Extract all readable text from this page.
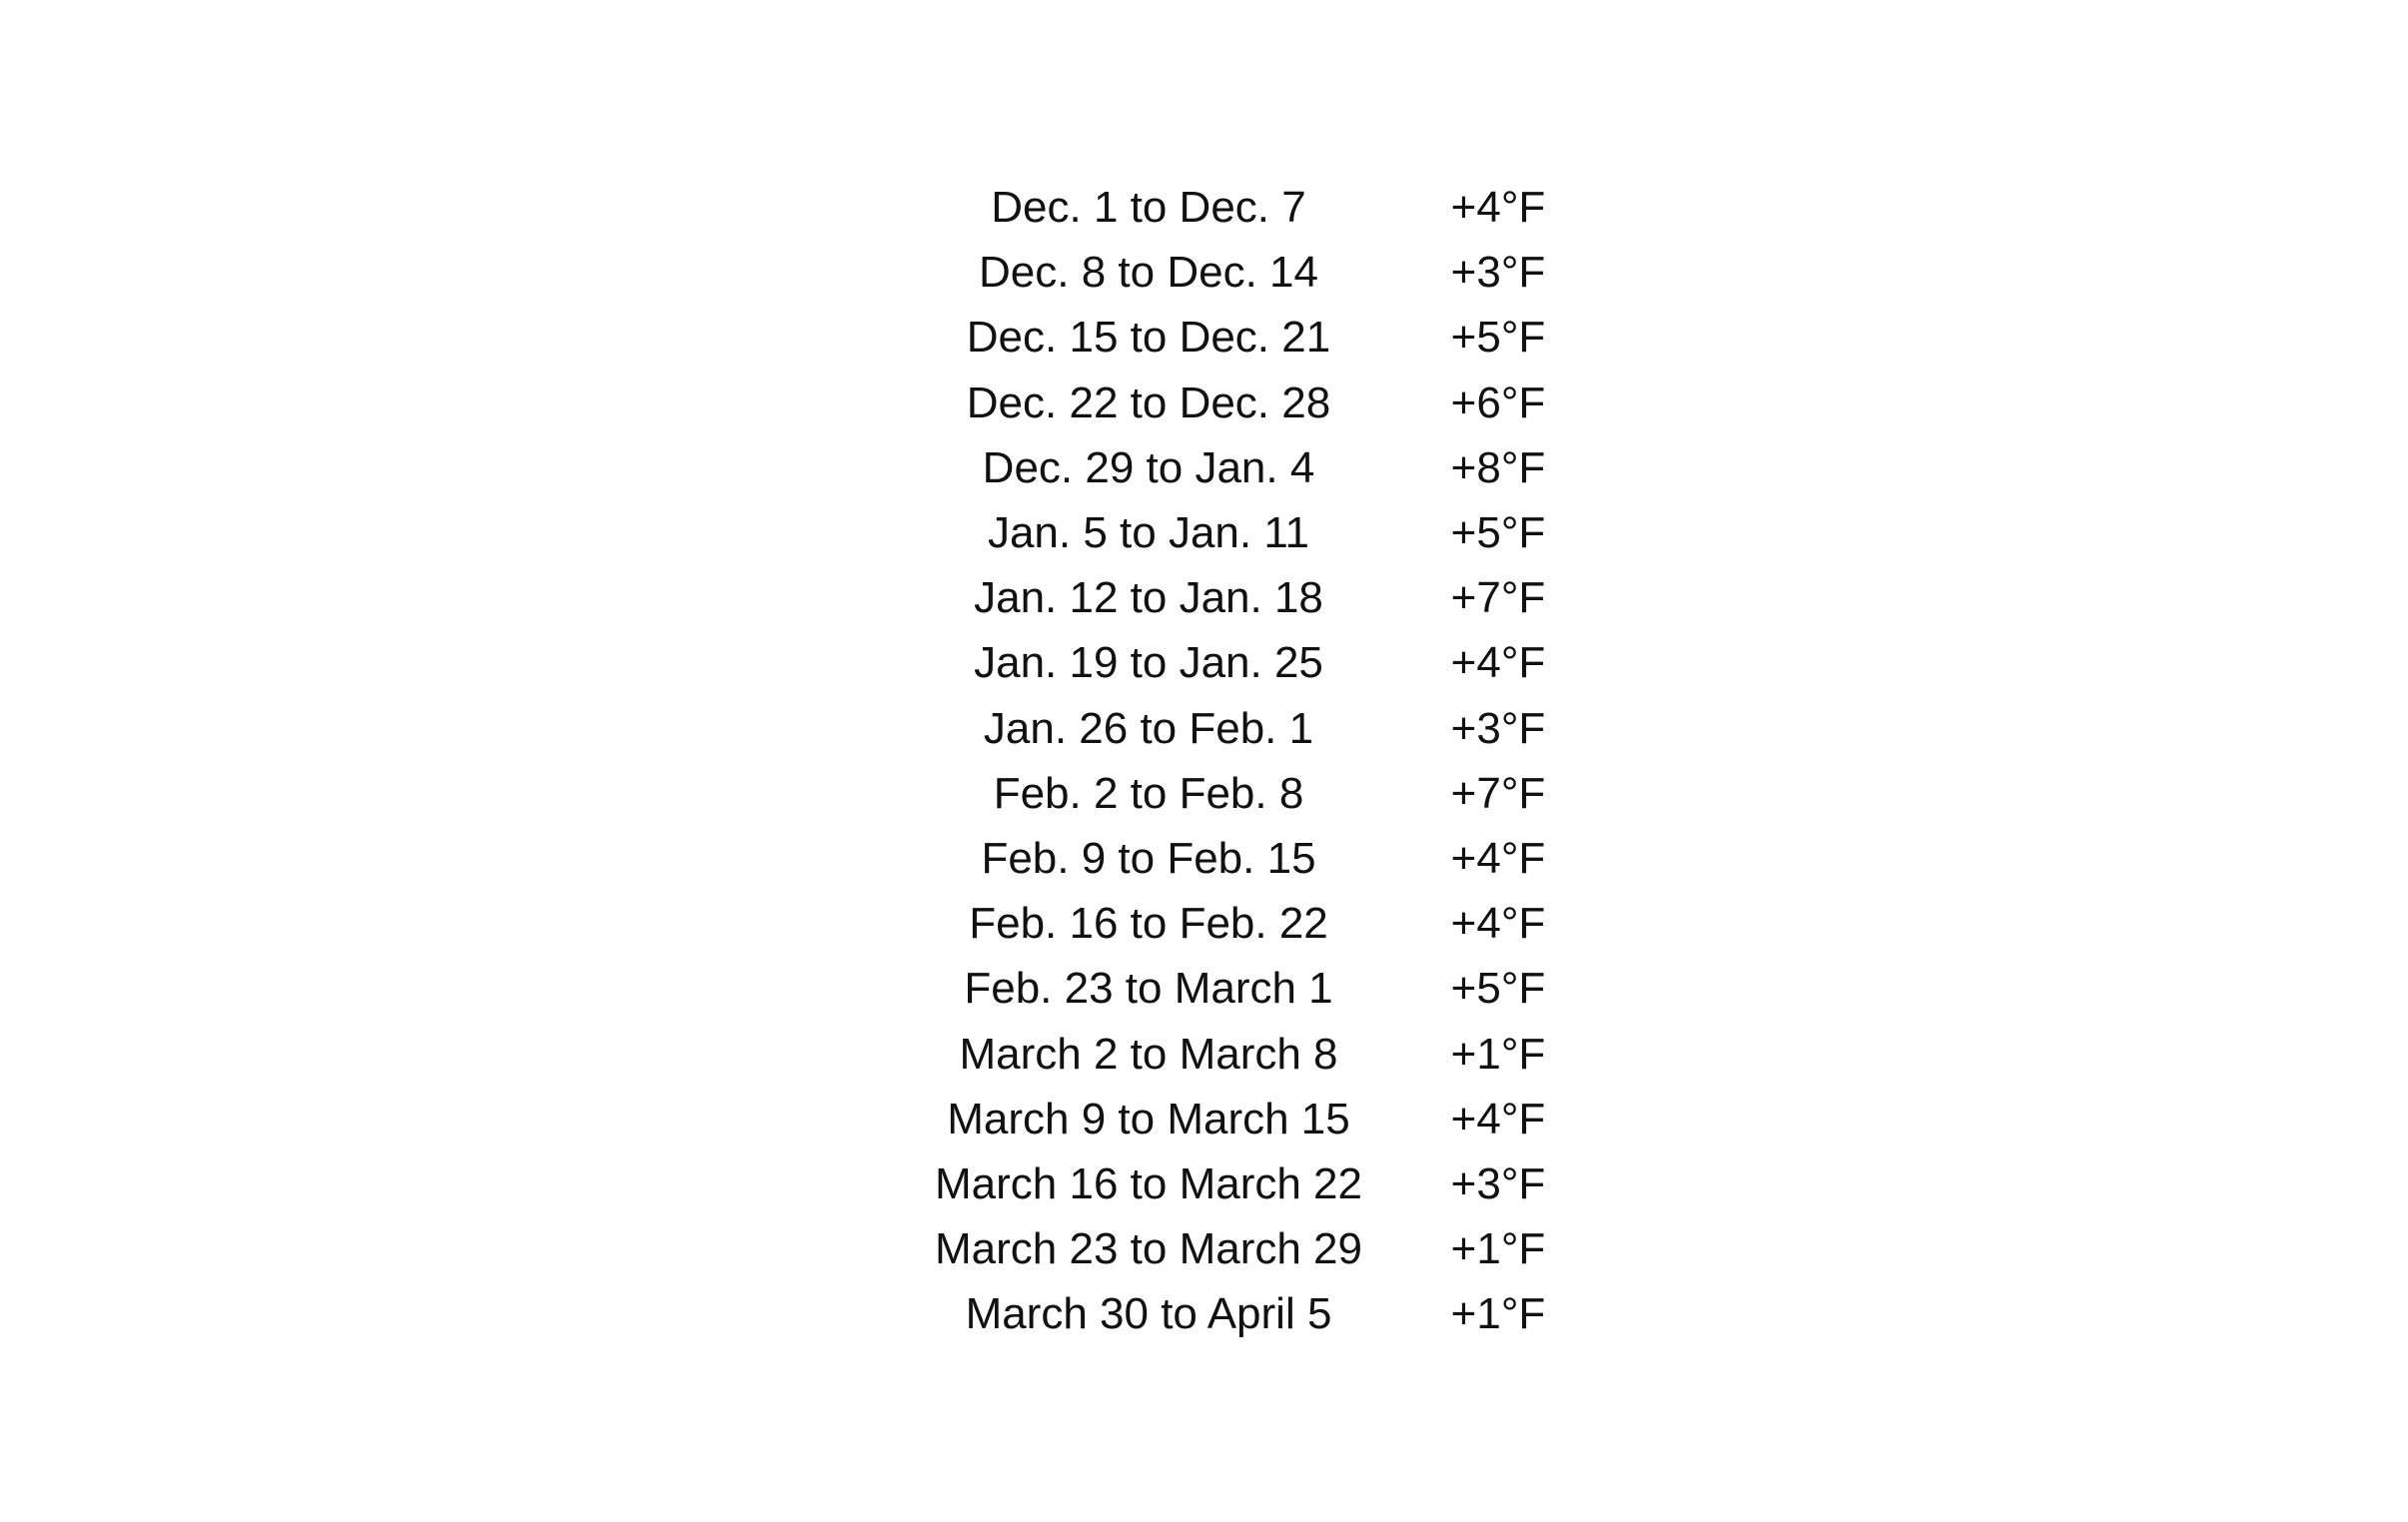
Dec. 1 to Dec. 7	+4°F
Dec. 8 to Dec. 14	+3°F
Dec. 15 to Dec. 21	+5°F
Dec. 22 to Dec. 28	+6°F
Dec. 29 to Jan. 4	+8°F
Jan. 5 to Jan. 11	+5°F
Jan. 12 to Jan. 18	+7°F
Jan. 19 to Jan. 25	+4°F
Jan. 26 to Feb. 1	+3°F
Feb. 2 to Feb. 8	+7°F
Feb. 9 to Feb. 15	+4°F
Feb. 16 to Feb. 22	+4°F
Feb. 23 to March 1	+5°F
March 2 to March 8	+1°F
March 9 to March 15	+4°F
March 16 to March 22	+3°F
March 23 to March 29	+1°F
March 30 to April 5	+1°F
